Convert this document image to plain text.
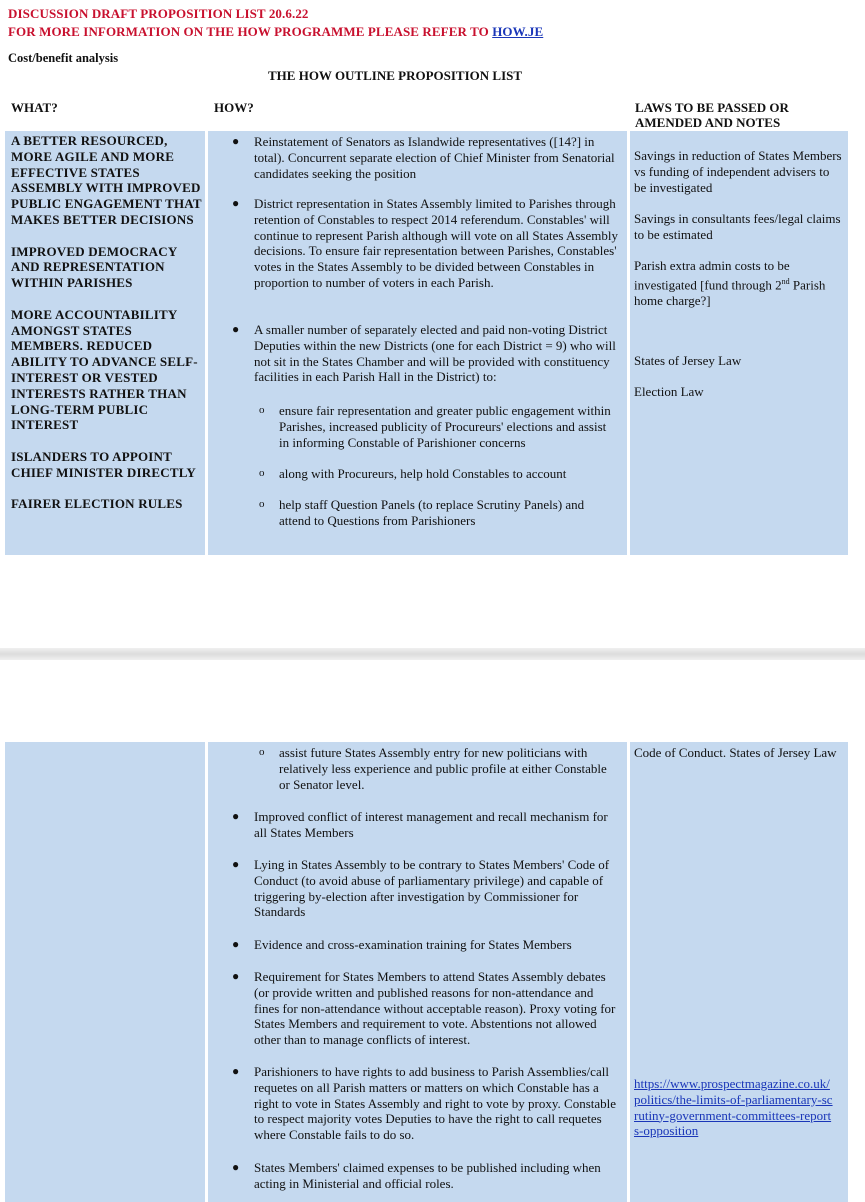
DISCUSSION DRAFT PROPOSITION LIST 20.6.22
FOR MORE INFORMATION ON THE HOW PROGRAMME PLEASE REFER TO HOW.JE
Cost/benefit analysis
THE HOW OUTLINE PROPOSITION LIST
WHAT?	HOW?	LAWS TO BE PASSED OR
AMENDED AND NOTES

A BETTER RESOURCED, MORE AGILE AND MORE EFFECTIVE STATES ASSEMBLY WITH IMPROVED PUBLIC ENGAGEMENT THAT MAKES BETTER DECISIONS

IMPROVED DEMOCRACY AND REPRESENTATION WITHIN PARISHES

MORE ACCOUNTABILITY AMONGST STATES MEMBERS. REDUCED ABILITY TO ADVANCE SELF-INTEREST OR VESTED INTERESTS RATHER THAN LONG-TERM PUBLIC INTEREST

ISLANDERS TO APPOINT CHIEF MINISTER DIRECTLY

FAIRER ELECTION RULES

● Reinstatement of Senators as Islandwide representatives ([14?] in total). Concurrent separate election of Chief Minister from Senatorial candidates seeking the position
● District representation in States Assembly limited to Parishes through retention of Constables to respect 2014 referendum. Constables' will continue to represent Parish although will vote on all States Assembly decisions. To ensure fair representation between Parishes, Constables' votes in the States Assembly to be divided between Constables in proportion to number of voters in each Parish.
● A smaller number of separately elected and paid non-voting District Deputies within the new Districts (one for each District = 9) who will not sit in the States Chamber and will be provided with constituency facilities in each Parish Hall in the District) to:
o ensure fair representation and greater public engagement within Parishes, increased publicity of Procureurs' elections and assist in informing Constable of Parishioner concerns
o along with Procureurs, help hold Constables to account
o help staff Question Panels (to replace Scrutiny Panels) and attend to Questions from Parishioners
Savings in reduction of States Members vs funding of independent advisers to be investigated
Savings in consultants fees/legal claims to be estimated
Parish extra admin costs to be investigated [fund through 2nd Parish home charge?]
States of Jersey Law
Election Law
o assist future States Assembly entry for new politicians with relatively less experience and public profile at either Constable or Senator level.
● Improved conflict of interest management and recall mechanism for all States Members
● Lying in States Assembly to be contrary to States Members' Code of Conduct (to avoid abuse of parliamentary privilege) and capable of triggering by-election after investigation by Commissioner for Standards
● Evidence and cross-examination training for States Members
● Requirement for States Members to attend States Assembly debates (or provide written and published reasons for non-attendance and fines for non-attendance without acceptable reason). Proxy voting for States Members and requirement to vote. Abstentions not allowed other than to manage conflicts of interest.
● Parishioners to have rights to add business to Parish Assemblies/call requetes on all Parish matters or matters on which Constable has a right to vote in States Assembly and right to vote by proxy. Constable to respect majority votes Deputies to have the right to call requetes where Constable fails to do so.
● States Members' claimed expenses to be published including when acting in Ministerial and official roles.
Code of Conduct. States of Jersey Law
https://www.prospectmagazine.co.uk/politics/the-limits-of-parliamentary-scrutiny-government-committees-reports-opposition
